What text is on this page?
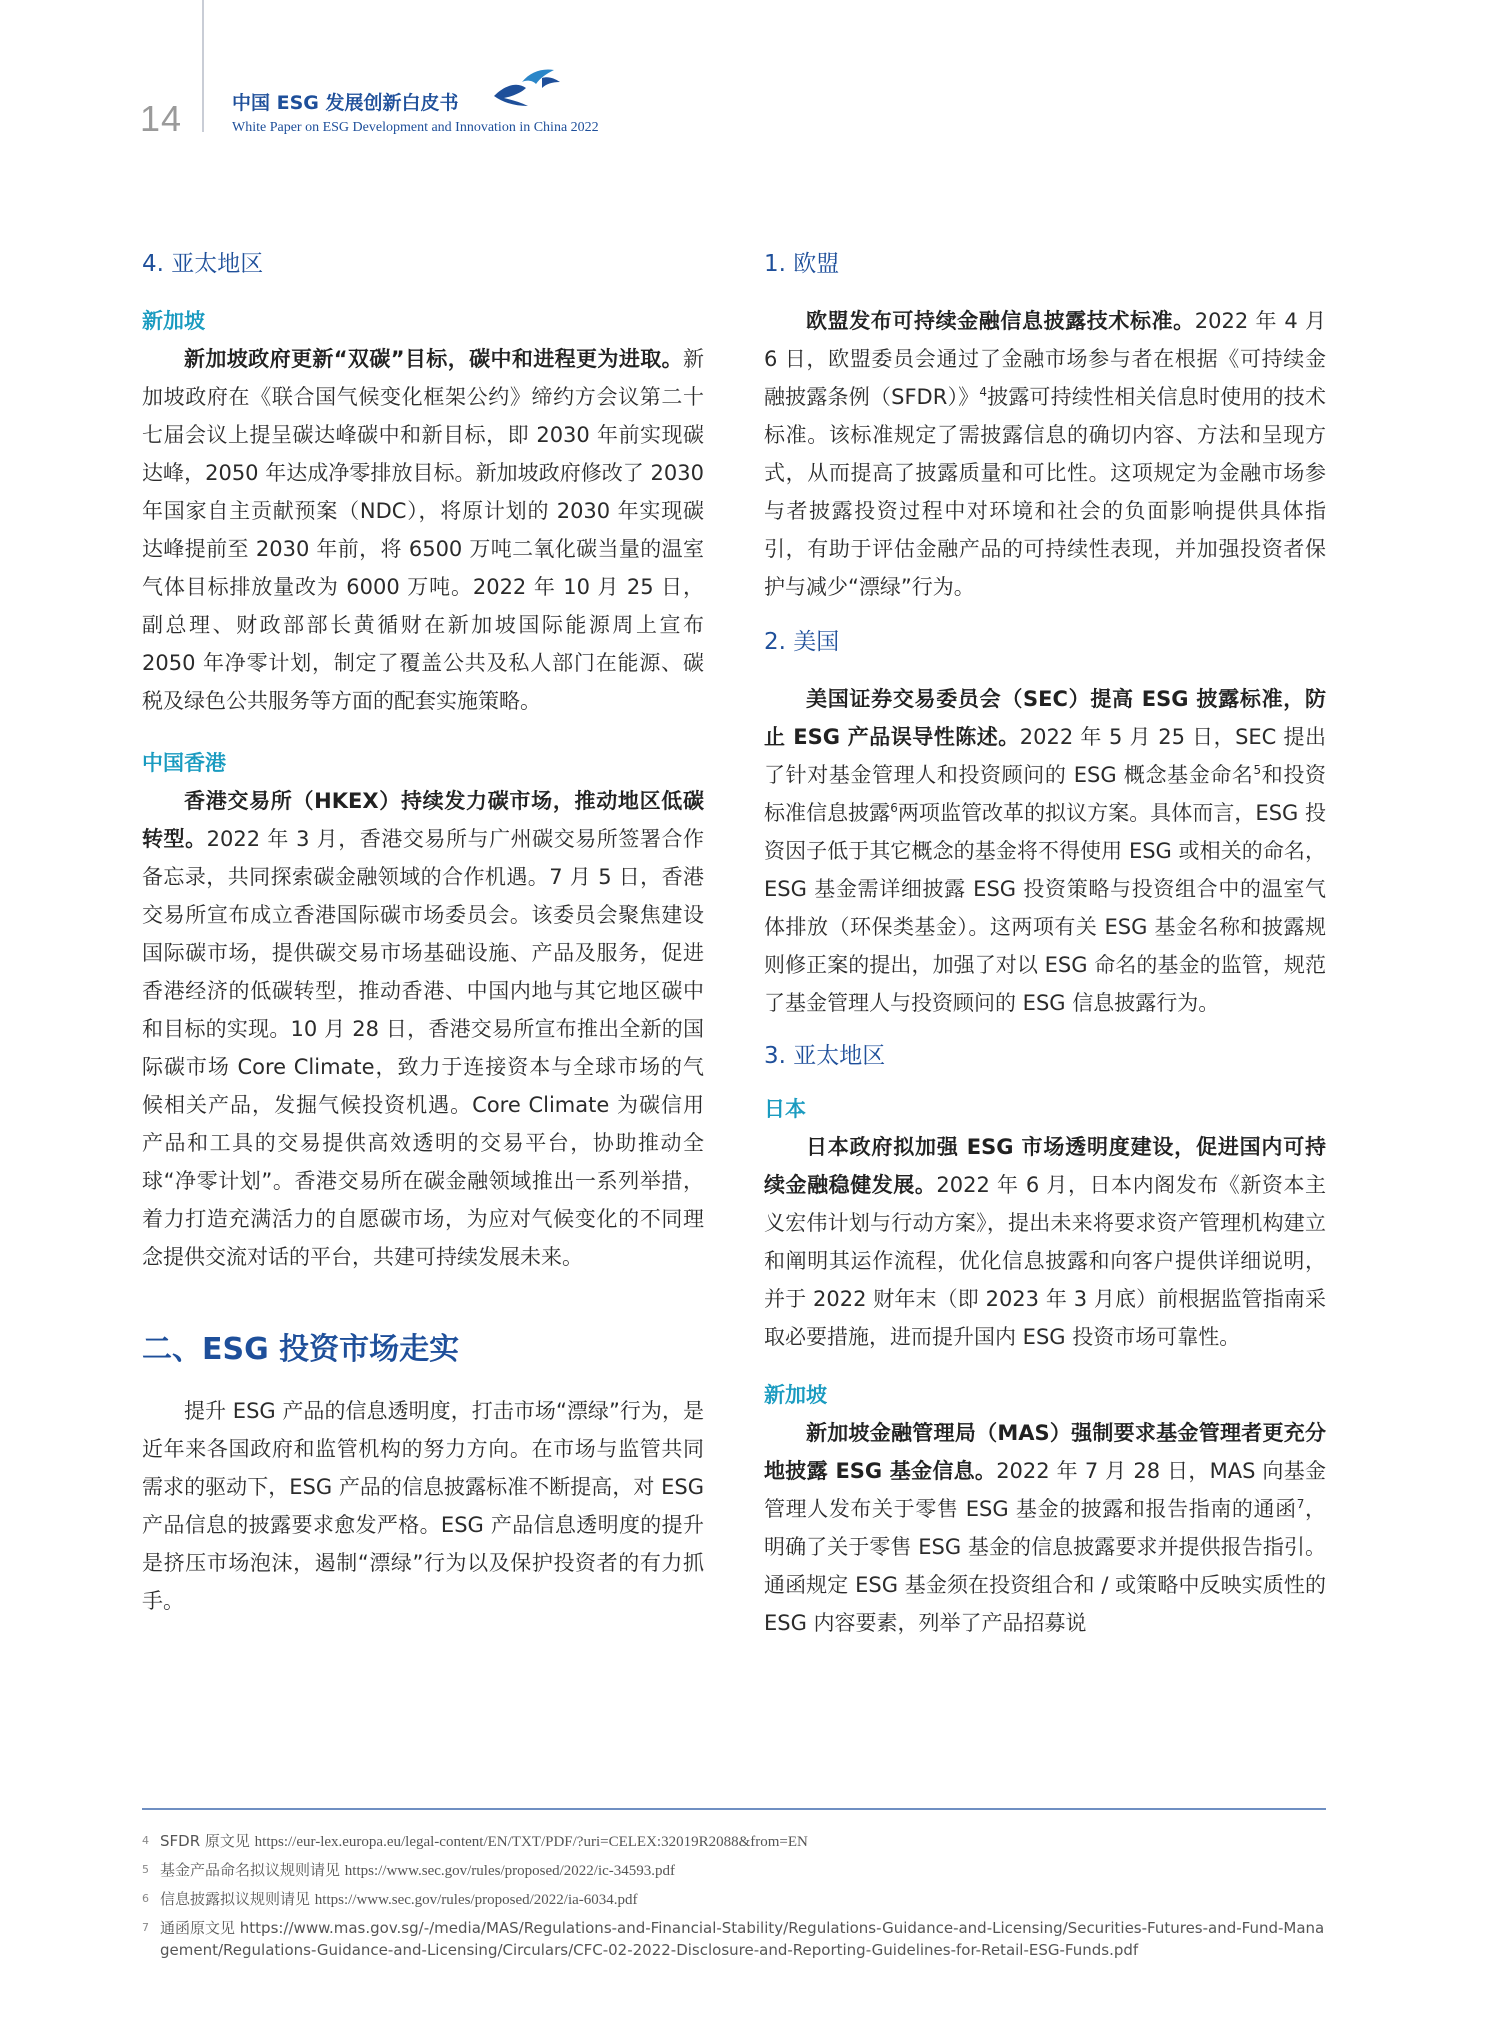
14	中国 ESG 发展创新白皮书
White Paper on ESG Development and Innovation in China 2022

4. 亚太地区

新加坡

新加坡政府更新“双碳”目标，碳中和进程更为进取。新加坡政府在《联合国气候变化框架公约》缔约方会议第二十七届会议上提呈碳达峰碳中和新目标，即 2030 年前实现碳达峰，2050 年达成净零排放目标。新加坡政府修改了 2030 年国家自主贡献预案（NDC），将原计划的 2030 年实现碳达峰提前至 2030 年前，将 6500 万吨二氧化碳当量的温室气体目标排放量改为 6000 万吨。2022 年 10 月 25 日，副总理、财政部部长黄循财在新加坡国际能源周上宣布 2050 年净零计划，制定了覆盖公共及私人部门在能源、碳税及绿色公共服务等方面的配套实施策略。

中国香港

香港交易所（HKEX）持续发力碳市场，推动地区低碳转型。2022 年 3 月，香港交易所与广州碳交易所签署合作备忘录，共同探索碳金融领域的合作机遇。7 月 5 日，香港交易所宣布成立香港国际碳市场委员会。该委员会聚焦建设国际碳市场，提供碳交易市场基础设施、产品及服务，促进香港经济的低碳转型，推动香港、中国内地与其它地区碳中和目标的实现。10 月 28 日，香港交易所宣布推出全新的国际碳市场 Core Climate，致力于连接资本与全球市场的气候相关产品，发掘气候投资机遇。Core Climate 为碳信用产品和工具的交易提供高效透明的交易平台，协助推动全球“净零计划”。香港交易所在碳金融领域推出一系列举措，着力打造充满活力的自愿碳市场，为应对气候变化的不同理念提供交流对话的平台，共建可持续发展未来。

二、ESG 投资市场走实

提升 ESG 产品的信息透明度，打击市场“漂绿”行为，是近年来各国政府和监管机构的努力方向。在市场与监管共同需求的驱动下，ESG 产品的信息披露标准不断提高，对 ESG 产品信息的披露要求愈发严格。ESG 产品信息透明度的提升是挤压市场泡沫，遏制“漂绿”行为以及保护投资者的有力抓手。

1. 欧盟

欧盟发布可持续金融信息披露技术标准。2022 年 4 月 6 日，欧盟委员会通过了金融市场参与者在根据《可持续金融披露条例（SFDR）》$^4$披露可持续性相关信息时使用的技术标准。该标准规定了需披露信息的确切内容、方法和呈现方式，从而提高了披露质量和可比性。这项规定为金融市场参与者披露投资过程中对环境和社会的负面影响提供具体指引，有助于评估金融产品的可持续性表现，并加强投资者保护与减少“漂绿”行为。

2. 美国

美国证券交易委员会（SEC）提高 ESG 披露标准，防止 ESG 产品误导性陈述。2022 年 5 月 25 日，SEC 提出了针对基金管理人和投资顾问的 ESG 概念基金命名$^5$和投资标准信息披露$^6$两项监管改革的拟议方案。具体而言，ESG 投资因子低于其它概念的基金将不得使用 ESG 或相关的命名，ESG 基金需详细披露 ESG 投资策略与投资组合中的温室气体排放（环保类基金）。这两项有关 ESG 基金名称和披露规则修正案的提出，加强了对以 ESG 命名的基金的监管，规范了基金管理人与投资顾问的 ESG 信息披露行为。

3. 亚太地区

日本

日本政府拟加强 ESG 市场透明度建设，促进国内可持续金融稳健发展。2022 年 6 月，日本内阁发布《新资本主义宏伟计划与行动方案》，提出未来将要求资产管理机构建立和阐明其运作流程，优化信息披露和向客户提供详细说明，并于 2022 财年末（即 2023 年 3 月底）前根据监管指南采取必要措施，进而提升国内 ESG 投资市场可靠性。

新加坡

新加坡金融管理局（MAS）强制要求基金管理者更充分地披露 ESG 基金信息。2022 年 7 月 28 日，MAS 向基金管理人发布关于零售 ESG 基金的披露和报告指南的通函$^7$，明确了关于零售 ESG 基金的信息披露要求并提供报告指引。通函规定 ESG 基金须在投资组合和 / 或策略中反映实质性的 ESG 内容要素，列举了产品招募说

4 SFDR 原文见 https://eur-lex.europa.eu/legal-content/EN/TXT/PDF/?uri=CELEX:32019R2088&from=EN
5 基金产品命名拟议规则请见 https://www.sec.gov/rules/proposed/2022/ic-34593.pdf
6 信息披露拟议规则请见 https://www.sec.gov/rules/proposed/2022/ia-6034.pdf
7 通函原文见 https://www.mas.gov.sg/-/media/MAS/Regulations-and-Financial-Stability/Regulations-Guidance-and-Licensing/Securities-Futures-and-Fund-Management/Regulations-Guidance-and-Licensing/Circulars/CFC-02-2022-Disclosure-and-Reporting-Guidelines-for-Retail-ESG-Funds.pdf
